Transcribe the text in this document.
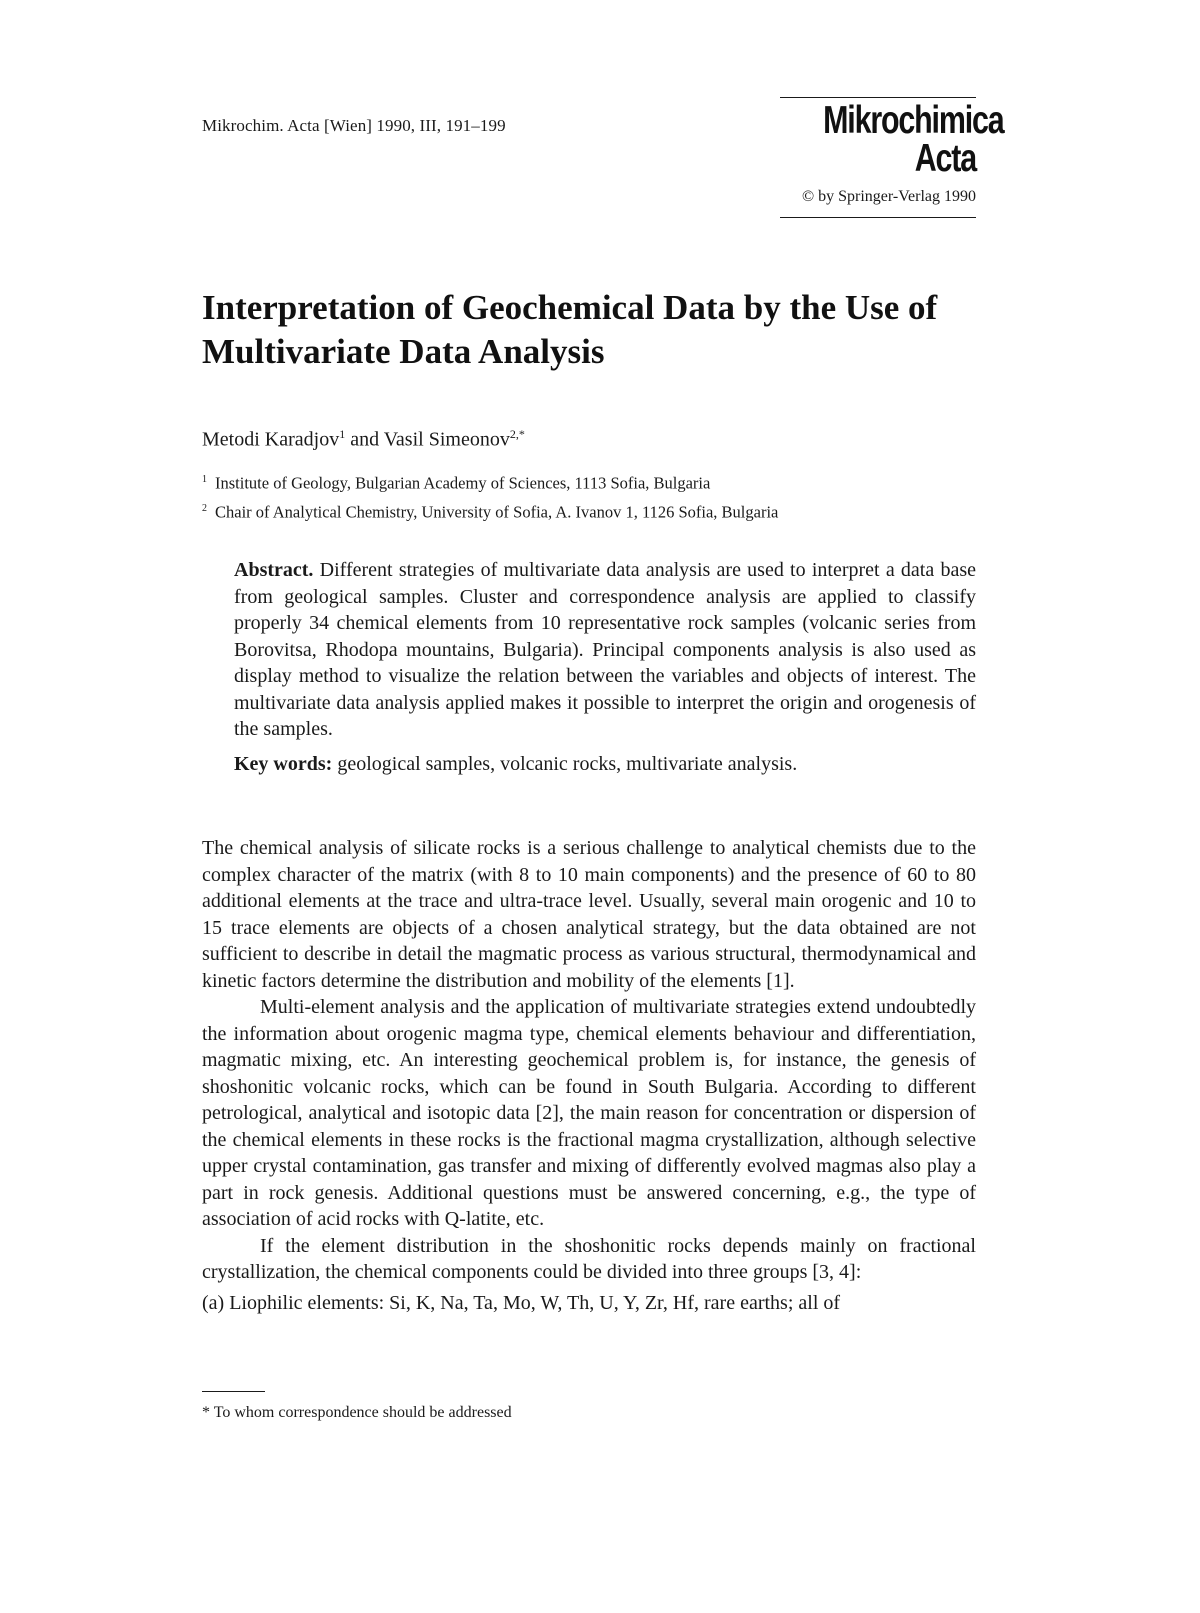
Mikrochim. Acta [Wien] 1990, III, 191–199	Mikrochimica
Acta
© by Springer-Verlag 1990
Interpretation of Geochemical Data by the Use of
Multivariate Data Analysis
Metodi Karadjov$^1$ and Vasil Simeonov$^{2,*}$
$^1$ Institute of Geology, Bulgarian Academy of Sciences, 1113 Sofia, Bulgaria
$^2$ Chair of Analytical Chemistry, University of Sofia, A. Ivanov 1, 1126 Sofia, Bulgaria

Abstract. Different strategies of multivariate data analysis are used to interpret a data base from geological samples. Cluster and correspondence analysis are applied to classify properly 34 chemical elements from 10 representative rock samples (volcanic series from Borovitsa, Rhodopa mountains, Bulgaria). Principal components analysis is also used as display method to visualize the relation between the variables and objects of interest. The multivariate data analysis applied makes it possible to interpret the origin and orogenesis of the samples.

Key words: geological samples, volcanic rocks, multivariate analysis.

The chemical analysis of silicate rocks is a serious challenge to analytical chemists due to the complex character of the matrix (with 8 to 10 main components) and the presence of 60 to 80 additional elements at the trace and ultra-trace level. Usually, several main orogenic and 10 to 15 trace elements are objects of a chosen analytical strategy, but the data obtained are not sufficient to describe in detail the magmatic process as various structural, thermodynamical and kinetic factors determine the distribution and mobility of the elements [1].

Multi-element analysis and the application of multivariate strategies extend undoubtedly the information about orogenic magma type, chemical elements behaviour and differentiation, magmatic mixing, etc. An interesting geochemical problem is, for instance, the genesis of shoshonitic volcanic rocks, which can be found in South Bulgaria. According to different petrological, analytical and isotopic data [2], the main reason for concentration or dispersion of the chemical elements in these rocks is the fractional magma crystallization, although selective upper crystal contamination, gas transfer and mixing of differently evolved magmas also play a part in rock genesis. Additional questions must be answered concerning, e.g., the type of association of acid rocks with Q-latite, etc.

If the element distribution in the shoshonitic rocks depends mainly on fractional crystallization, the chemical components could be divided into three groups [3, 4]:

(a) Liophilic elements: Si, K, Na, Ta, Mo, W, Th, U, Y, Zr, Hf, rare earths; all of

* To whom correspondence should be addressed
